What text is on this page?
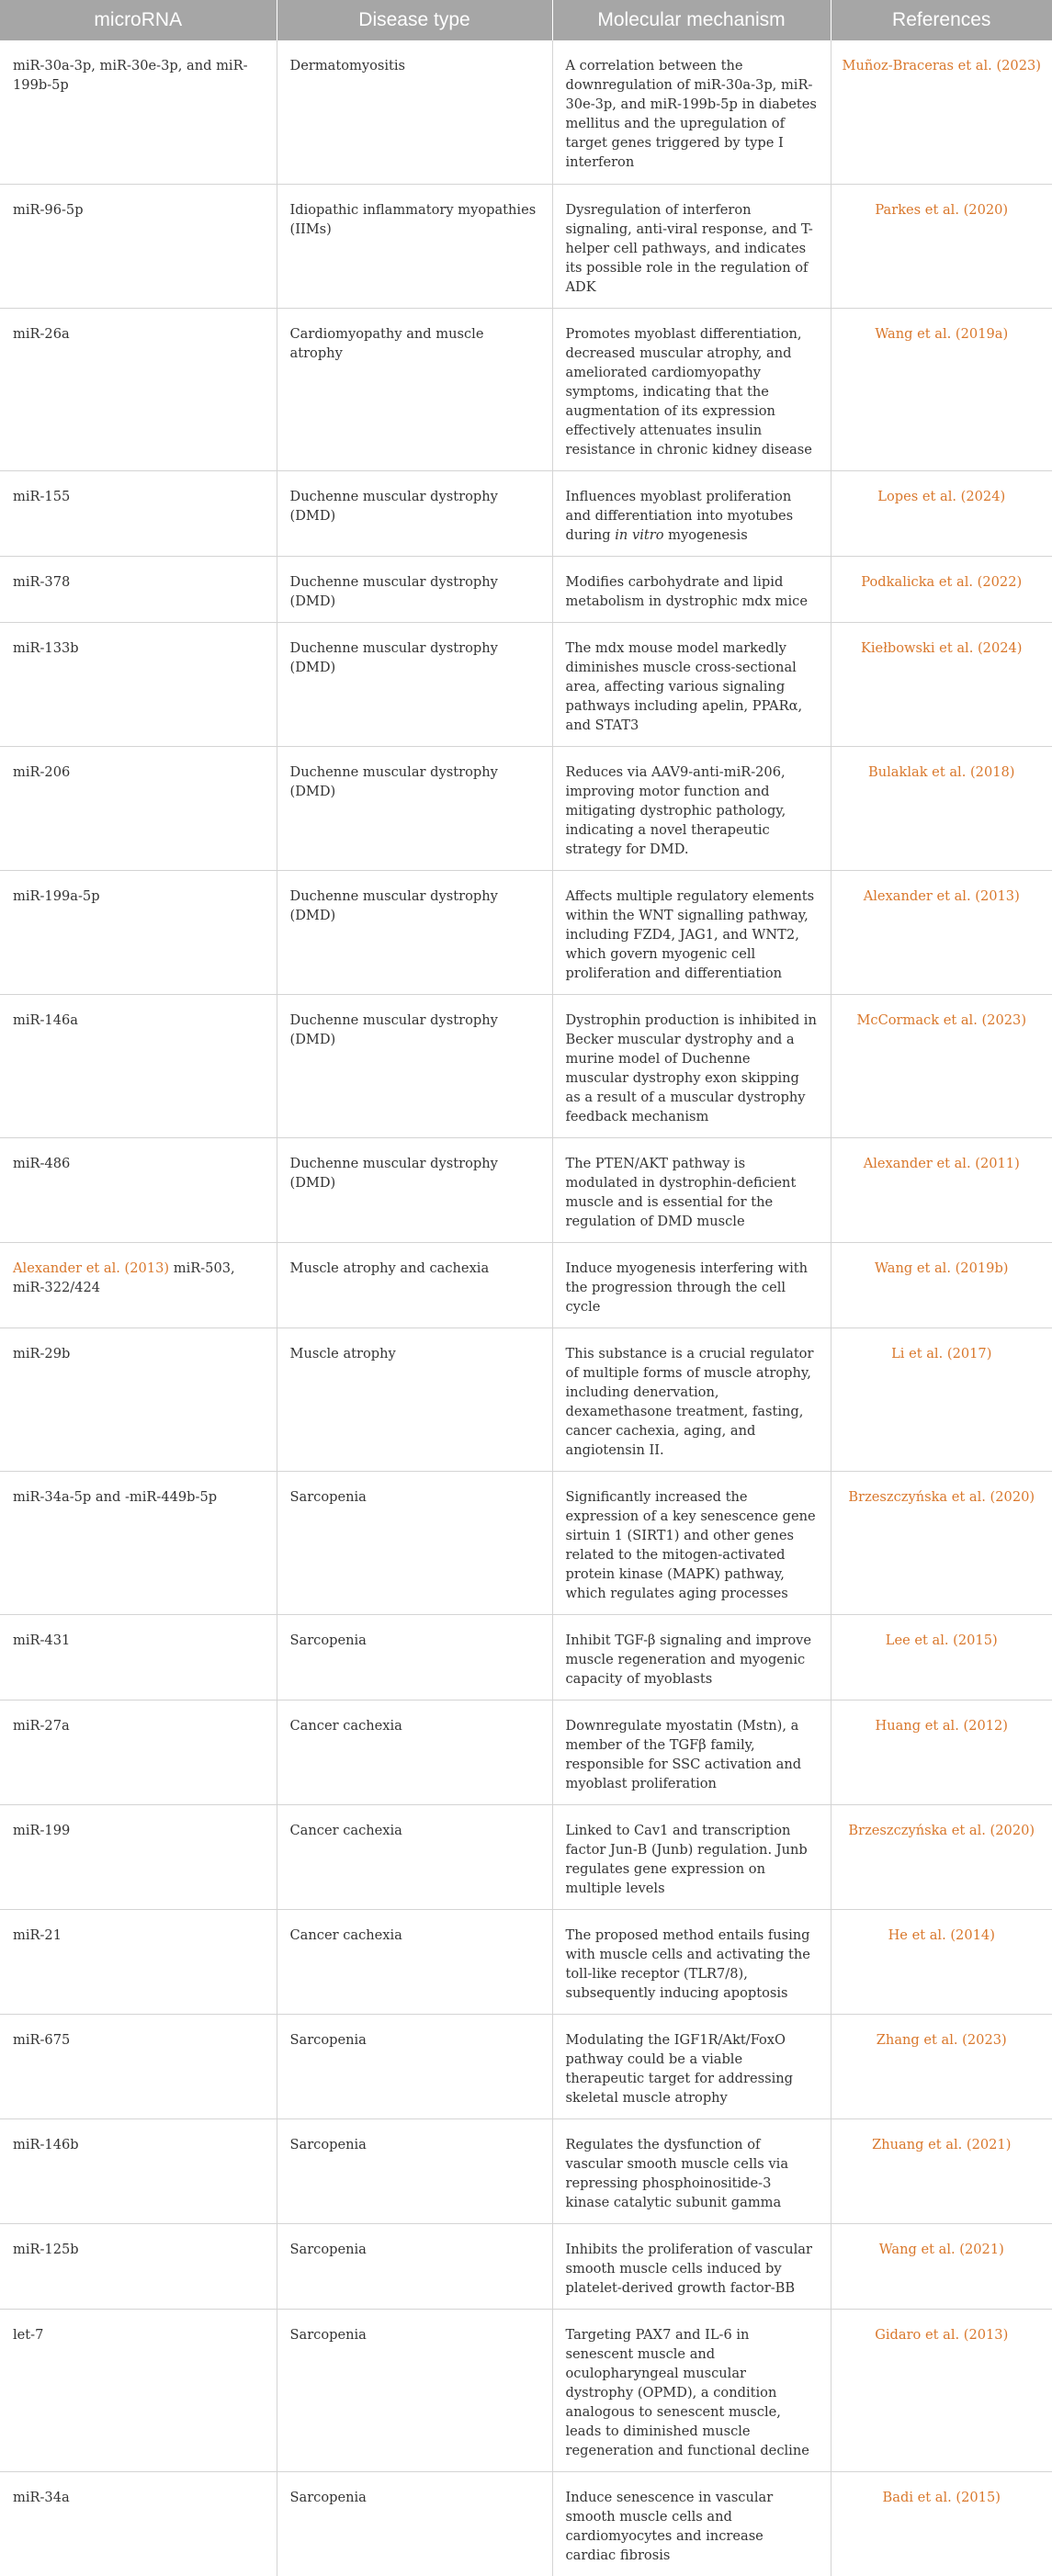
microRNA	Disease type	Molecular mechanism	References
miR-30a-3p, miR-30e-3p, and miR-199b-5p	Dermatomyositis	A correlation between the downregulation of miR-30a-3p, miR-30e-3p, and miR-199b-5p in diabetes mellitus and the upregulation of target genes triggered by type I interferon	Muñoz-Braceras et al. (2023)
miR-96-5p	Idiopathic inflammatory myopathies (IIMs)	Dysregulation of interferon signaling, anti-viral response, and T-helper cell pathways, and indicates its possible role in the regulation of ADK	Parkes et al. (2020)
miR-26a	Cardiomyopathy and muscle atrophy	Promotes myoblast differentiation, decreased muscular atrophy, and ameliorated cardiomyopathy symptoms, indicating that the augmentation of its expression effectively attenuates insulin resistance in chronic kidney disease	Wang et al. (2019a)
miR-155	Duchenne muscular dystrophy (DMD)	Influences myoblast proliferation and differentiation into myotubes during in vitro myogenesis	Lopes et al. (2024)
miR-378	Duchenne muscular dystrophy (DMD)	Modifies carbohydrate and lipid metabolism in dystrophic mdx mice	Podkalicka et al. (2022)
miR-133b	Duchenne muscular dystrophy (DMD)	The mdx mouse model markedly diminishes muscle cross-sectional area, affecting various signaling pathways including apelin, PPARα, and STAT3	Kiełbowski et al. (2024)
miR-206	Duchenne muscular dystrophy (DMD)	Reduces via AAV9-anti-miR-206, improving motor function and mitigating dystrophic pathology, indicating a novel therapeutic strategy for DMD.	Bulaklak et al. (2018)
miR-199a-5p	Duchenne muscular dystrophy (DMD)	Affects multiple regulatory elements within the WNT signalling pathway, including FZD4, JAG1, and WNT2, which govern myogenic cell proliferation and differentiation	Alexander et al. (2013)
miR-146a	Duchenne muscular dystrophy (DMD)	Dystrophin production is inhibited in Becker muscular dystrophy and a murine model of Duchenne muscular dystrophy exon skipping as a result of a muscular dystrophy feedback mechanism	McCormack et al. (2023)
miR-486	Duchenne muscular dystrophy (DMD)	The PTEN/AKT pathway is modulated in dystrophin-deficient muscle and is essential for the regulation of DMD muscle	Alexander et al. (2011)
Alexander et al. (2013) miR-503, miR-322/424	Muscle atrophy and cachexia	Induce myogenesis interfering with the progression through the cell cycle	Wang et al. (2019b)
miR-29b	Muscle atrophy	This substance is a crucial regulator of multiple forms of muscle atrophy, including denervation, dexamethasone treatment, fasting, cancer cachexia, aging, and angiotensin II.	Li et al. (2017)
miR-34a-5p and -miR-449b-5p	Sarcopenia	Significantly increased the expression of a key senescence gene sirtuin 1 (SIRT1) and other genes related to the mitogen-activated protein kinase (MAPK) pathway, which regulates aging processes	Brzeszczyńska et al. (2020)
miR-431	Sarcopenia	Inhibit TGF-β signaling and improve muscle regeneration and myogenic capacity of myoblasts	Lee et al. (2015)
miR-27a	Cancer cachexia	Downregulate myostatin (Mstn), a member of the TGFβ family, responsible for SSC activation and myoblast proliferation	Huang et al. (2012)
miR-199	Cancer cachexia	Linked to Cav1 and transcription factor Jun-B (Junb) regulation. Junb regulates gene expression on multiple levels	Brzeszczyńska et al. (2020)
miR-21	Cancer cachexia	The proposed method entails fusing with muscle cells and activating the toll-like receptor (TLR7/8), subsequently inducing apoptosis	He et al. (2014)
miR-675	Sarcopenia	Modulating the IGF1R/Akt/FoxO pathway could be a viable therapeutic target for addressing skeletal muscle atrophy	Zhang et al. (2023)
miR-146b	Sarcopenia	Regulates the dysfunction of vascular smooth muscle cells via repressing phosphoinositide-3 kinase catalytic subunit gamma	Zhuang et al. (2021)
miR-125b	Sarcopenia	Inhibits the proliferation of vascular smooth muscle cells induced by platelet-derived growth factor-BB	Wang et al. (2021)
let-7	Sarcopenia	Targeting PAX7 and IL-6 in senescent muscle and oculopharyngeal muscular dystrophy (OPMD), a condition analogous to senescent muscle, leads to diminished muscle regeneration and functional decline	Gidaro et al. (2013)
miR-34a	Sarcopenia	Induce senescence in vascular smooth muscle cells and cardiomyocytes and increase cardiac fibrosis	Badi et al. (2015)
